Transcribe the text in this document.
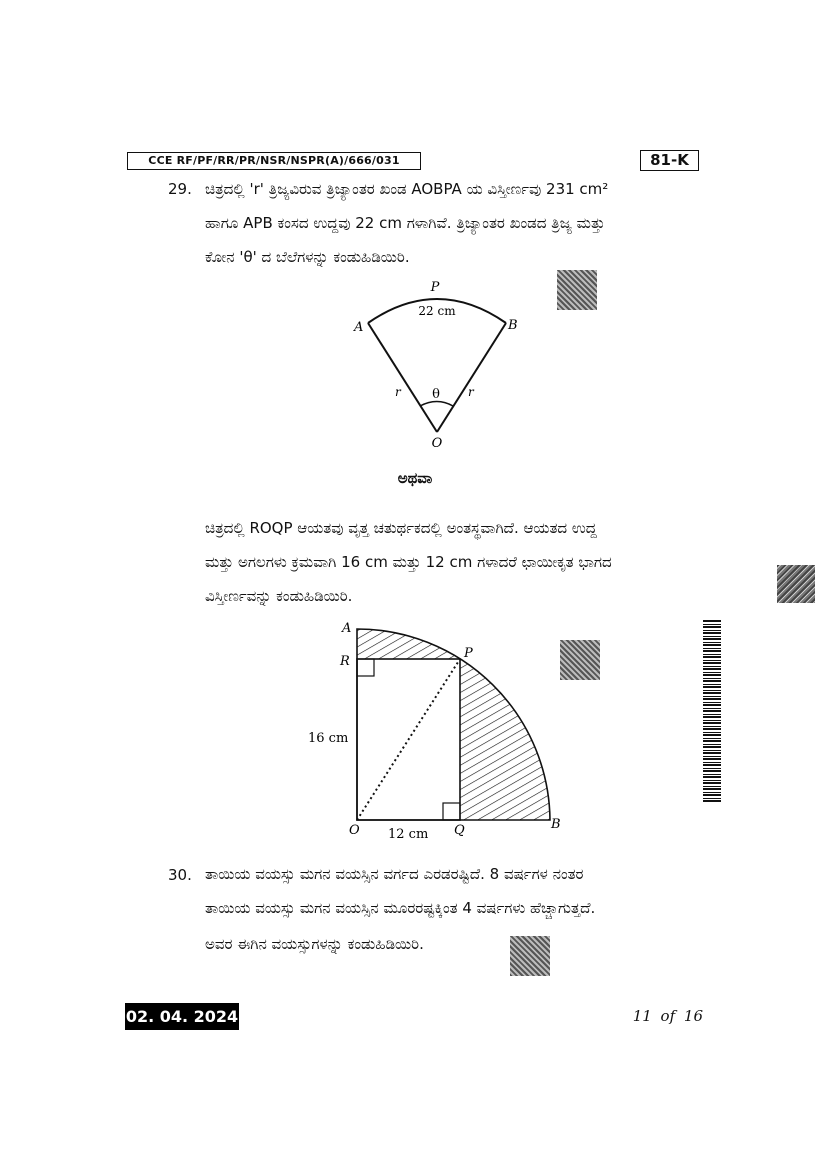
CCE RF/PF/RR/PR/NSR/NSPR(A)/666/031	81-K
29. ಚಿತ್ರದಲ್ಲಿ 'r' ತ್ರಿಜ್ಯವಿರುವ ತ್ರಿಜ್ಯಾಂತರ ಖಂಡ AOBPA ಯ ವಿಸ್ತೀರ್ಣವು 231 cm²
ಹಾಗೂ APB ಕಂಸದ ಉದ್ದವು 22 cm ಗಳಾಗಿವೆ. ತ್ರಿಜ್ಯಾಂತರ ಖಂಡದ ತ್ರಿಜ್ಯ ಮತ್ತು
ಕೋನ 'θ' ದ ಬೆಲೆಗಳನ್ನು ಕಂಡುಹಿಡಿಯಿರಿ.
P
22 cm
A	B
r	r
θ
O
ಅಥವಾ
ಚಿತ್ರದಲ್ಲಿ ROQP ಆಯತವು ವೃತ್ತ ಚತುರ್ಥಕದಲ್ಲಿ ಅಂತಸ್ಥವಾಗಿದೆ. ಆಯತದ ಉದ್ದ
ಮತ್ತು ಅಗಲಗಳು ಕ್ರಮವಾಗಿ 16 cm ಮತ್ತು 12 cm ಗಳಾದರೆ ಛಾಯೀಕೃತ ಭಾಗದ
ವಿಸ್ತೀರ್ಣವನ್ನು ಕಂಡುಹಿಡಿಯಿರಿ.
A
R
P
16 cm
O 12 cm Q	B
30. ತಾಯಿಯ ವಯಸ್ಸು ಮಗನ ವಯಸ್ಸಿನ ವರ್ಗದ ಎರಡರಷ್ಟಿದೆ. 8 ವರ್ಷಗಳ ನಂತರ
ತಾಯಿಯ ವಯಸ್ಸು ಮಗನ ವಯಸ್ಸಿನ ಮೂರರಷ್ಟಕ್ಕಿಂತ 4 ವರ್ಷಗಳು ಹೆಚ್ಚಾಗುತ್ತದೆ.
ಅವರ ಈಗಿನ ವಯಸ್ಸುಗಳನ್ನು ಕಂಡುಹಿಡಿಯಿರಿ.
02. 04. 2024	11 of 16
